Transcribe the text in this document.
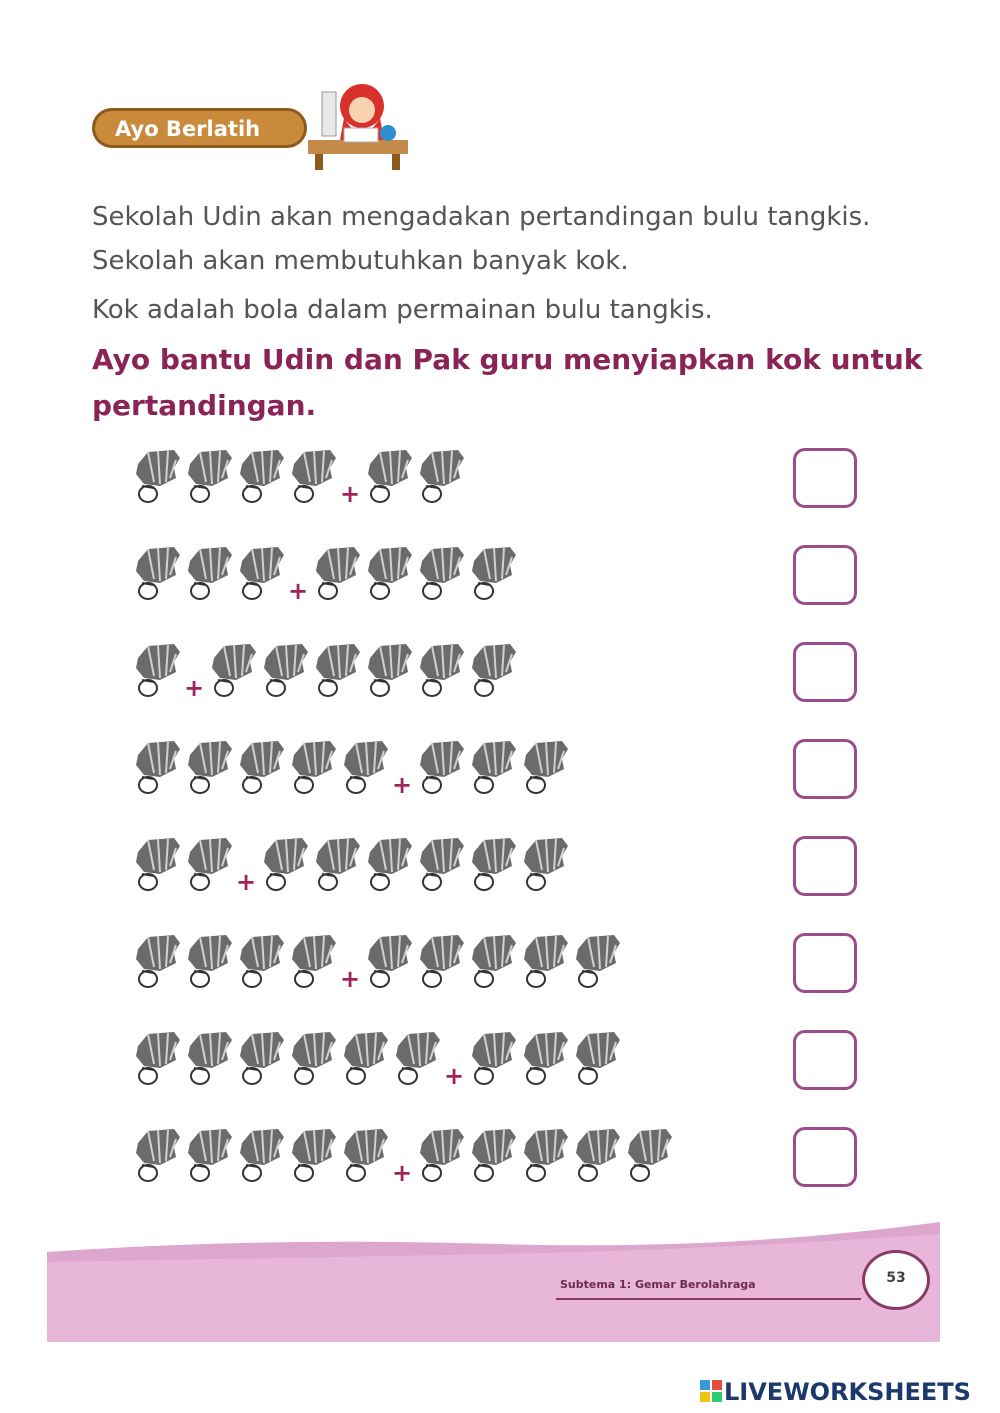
Ayo Berlatih
Sekolah Udin akan mengadakan pertandingan bulu tangkis. Sekolah akan membutuhkan banyak kok.
Kok adalah bola dalam permainan bulu tangkis.
Ayo bantu Udin dan Pak guru menyiapkan kok untuk pertandingan.
+
+
+
+
+
+
+
+
Subtema 1: Gemar Berolahraga	53
LIVEWORKSHEETS
